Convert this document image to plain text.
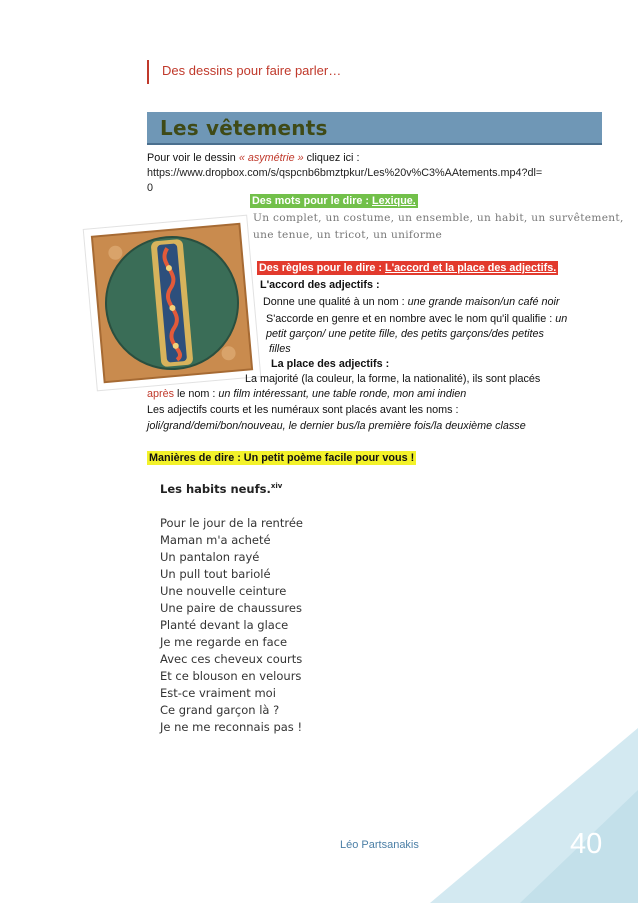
Des dessins pour faire parler…
Les vêtements
Pour voir le dessin « asymétrie » cliquez ici :
https://www.dropbox.com/s/qspcnb6bmztpkur/Les%20v%C3%AAtements.mp4?dl=
0
Des mots pour le dire : Lexique.
Un complet, un costume, un ensemble, un habit, un survêtement,
une tenue, un tricot, un uniforme
Des règles pour le dire : L'accord et la place des adjectifs.
L'accord des adjectifs :
Donne une qualité à un nom : une grande maison/un café noir
S'accorde en genre et en nombre avec le nom qu'il qualifie : un
petit garçon/ une petite fille, des petits garçons/des petites
filles
La place des adjectifs :
La majorité (la couleur, la forme, la nationalité), ils sont placés
après le nom : un film intéressant, une table ronde, mon ami indien
Les adjectifs courts et les numéraux sont placés avant les noms :
joli/grand/demi/bon/nouveau, le dernier bus/la première fois/la deuxième classe
Manières de dire : Un petit poème facile pour vous !
Les habits neufs.$^{xiv}$
Pour le jour de la rentrée
Maman m'a acheté
Un pantalon rayé
Un pull tout bariolé
Une nouvelle ceinture
Une paire de chaussures
Planté devant la glace
Je me regarde en face
Avec ces cheveux courts
Et ce blouson en velours
Est-ce vraiment moi
Ce grand garçon là ?
Je ne me reconnais pas !
Léo Partsanakis	40
